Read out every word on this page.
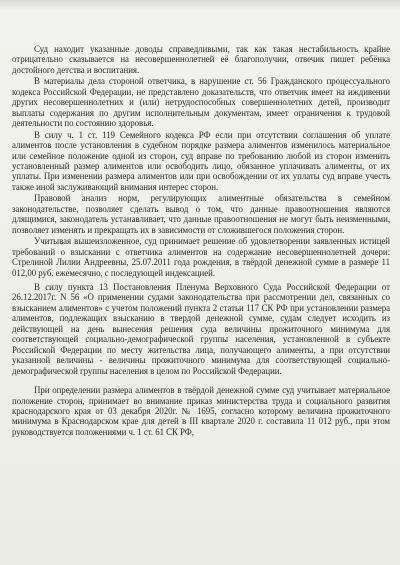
Суд находит указанные доводы справедливыми, так как такая нестабильность крайне отрицательно сказывается на несовершеннолетней её благополучии, отвечик пишет ребёнка достойного детства и воспитания.

В материалы дела стороной ответчика, в нарушение ст. 56 Гражданского процессуального кодекса Российской Федерации, не представлено доказательств, что ответчик имеет на иждивении других несовершеннолетних и (или) нетрудоспособных совершеннолетних детей, производит выплаты содержания по другим исполнительным документам, имеет ограничения к трудовой деятельности по состоянию здоровья.

В силу ч. 1 ст. 119 Семейного кодекса РФ если при отсутствии соглашения об уплате алиментов после установления в судебном порядке размера алиментов изменилось материальное или семейное положение одной из сторон, суд вправе по требованию любой из сторон изменить установленный размер алиментов или освободить лицо, обязанное уплачивать алименты, от их уплаты. При изменении размера алиментов или при освобождении от их уплаты суд вправе учесть также иной заслуживающий внимания интерес сторон.

Правовой анализ норм, регулирующих алиментные обязательства в семейном законодательстве, позволяет сделать вывод о том, что данные правоотношения являются длящимися, законодатель устанавливает, что данные правоотношения не могут быть неизменными, позволяет изменять и прекращать их в зависимости от сложившегося положения сторон.

Учитывая вышеизложенное, суд принимает решение об удовлетворении заявленных истицей требований о взыскании с ответчика алиментов на содержание несовершеннолетней дочери: Стрелиной Лилии Андреевны, 25.07.2011 года рождения, в твёрдой денежной сумме в размере 11 012,00 руб. ежемесячно, с последующей индексацией.

В силу пункта 13 Постановления Пленума Верховного Суда Российской Федерации от 26.12.2017г. N 56 «О применении судами законодательства при рассмотрении дел, связанных со взысканием алиментов» с учетом положений пункта 2 статьи 117 СК РФ при установлении размера алиментов, подлежащих взысканию в твердой денежной сумме, судам следует исходить из действующей на день вынесения решения суда величины прожиточного минимума для соответствующей социально-демографической группы населения, установленной в субъекте Российской Федерации по месту жительства лица, получающего алименты, а при отсутствии указанной величины - величины прожиточного минимума для соответствующей социально-демографической группы населения в целом по Российской Федерации.

При определении размера алиментов в твёрдой денежной сумме суд учитывает материальное положение сторон, принимает во внимание приказ министерства труда и социального развития краснодарского края от 03 декабря 2020г. № 1695, согласно которому величина прожиточного минимума в Краснодарском крае для детей в III квартале 2020 г. составила 11 012 руб., при этом руководствуется положениями ч. 1 ст. 61 СК РФ,
